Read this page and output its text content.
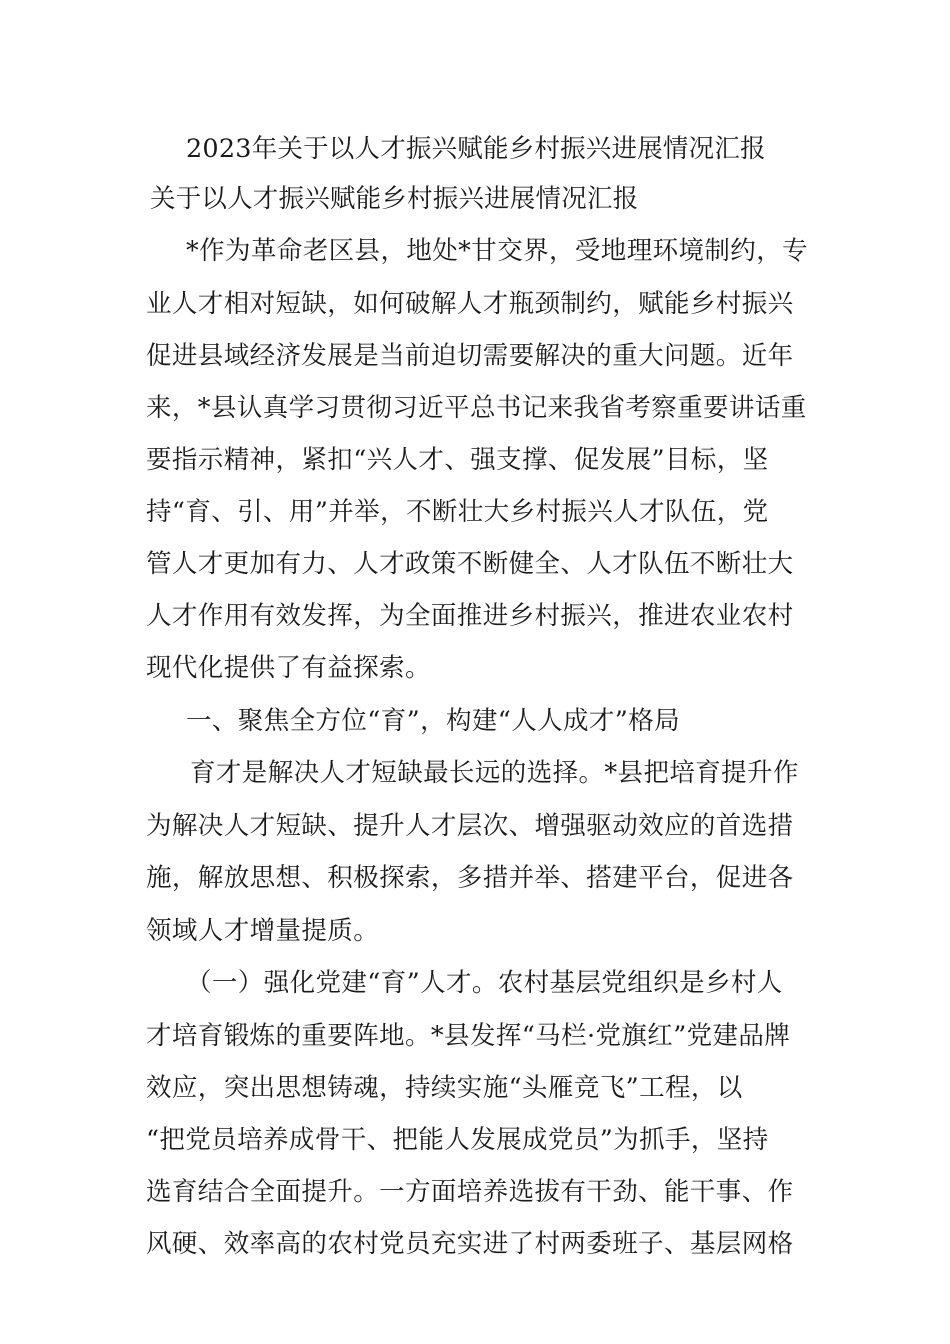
2023年关于以人才振兴赋能乡村振兴进展情况汇报
关于以人才振兴赋能乡村振兴进展情况汇报
*作为革命老区县，地处*甘交界，受地理环境制约，专
业人才相对短缺，如何破解人才瓶颈制约，赋能乡村振兴
促进县域经济发展是当前迫切需要解决的重大问题。近年
来，*县认真学习贯彻习近平总书记来我省考察重要讲话重
要指示精神，紧扣“兴人才、强支撑、促发展”目标，坚
持“育、引、用”并举，不断壮大乡村振兴人才队伍，党
管人才更加有力、人才政策不断健全、人才队伍不断壮大
人才作用有效发挥，为全面推进乡村振兴，推进农业农村
现代化提供了有益探索。
一、聚焦全方位“育”，构建“人人成才”格局
育才是解决人才短缺最长远的选择。*县把培育提升作
为解决人才短缺、提升人才层次、增强驱动效应的首选措
施，解放思想、积极探索，多措并举、搭建平台，促进各
领域人才增量提质。
（一）强化党建“育”人才。农村基层党组织是乡村人
才培育锻炼的重要阵地。*县发挥“马栏·党旗红”党建品牌
效应，突出思想铸魂，持续实施“头雁竞飞”工程，以
“把党员培养成骨干、把能人发展成党员”为抓手，坚持
选育结合全面提升。一方面培养选拔有干劲、能干事、作
风硬、效率高的农村党员充实进了村两委班子、基层网格
